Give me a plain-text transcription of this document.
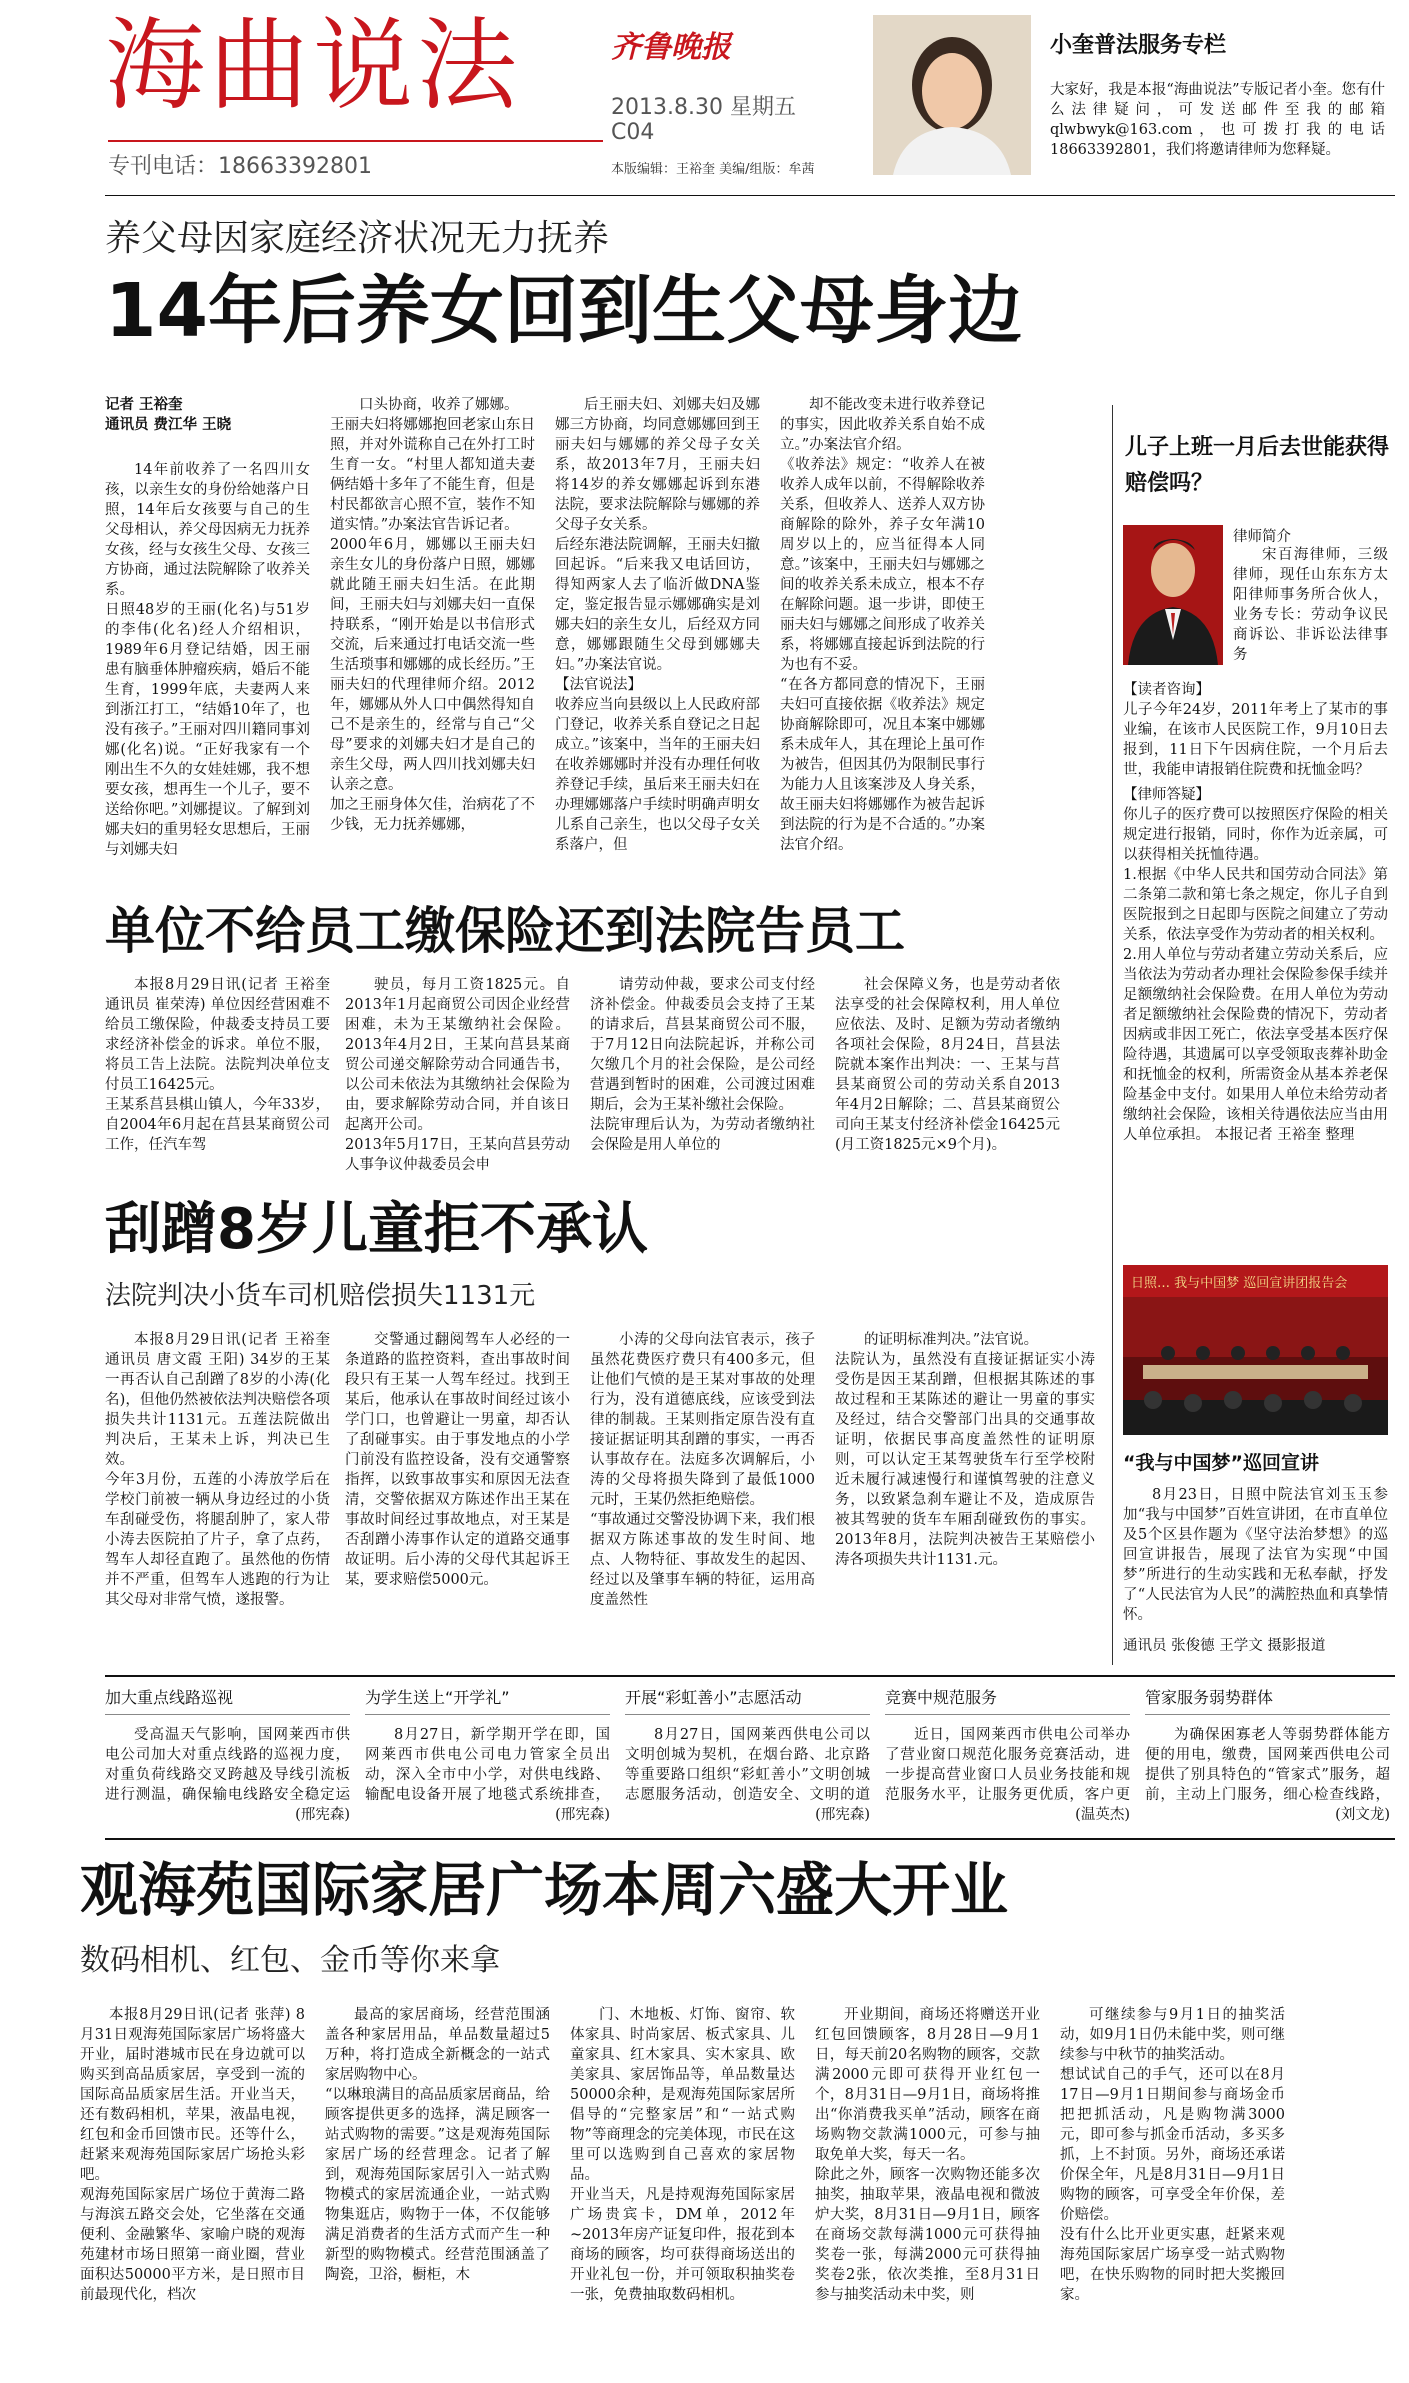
海曲说法
专刊电话：18663392801
齐鲁晚报
2013.8.30 星期五
C04
本版编辑：王裕奎 美编/组版：牟茜
小奎普法服务专栏
大家好，我是本报“海曲说法”专版记者小奎。您有什么法律疑问，可发送邮件至我的邮箱qlwbwyk@163.com，也可拨打我的电话18663392801，我们将邀请律师为您释疑。
养父母因家庭经济状况无力抚养
14年后养女回到生父母身边
记者 王裕奎
通讯员 费江华 王晓
14年前收养了一名四川女孩，以亲生女的身份给她落户日照，14年后女孩要与自己的生父母相认，养父母因病无力抚养女孩，经与女孩生父母、女孩三方协商，通过法院解除了收养关系。
日照48岁的王丽(化名)与51岁的李伟(化名)经人介绍相识，1989年6月登记结婚，因王丽患有脑垂体肿瘤疾病，婚后不能生育，1999年底，夫妻两人来到浙江打工，“结婚10年了，也没有孩子。”王丽对四川籍同事刘娜(化名)说。“正好我家有一个刚出生不久的女娃娃娜，我不想要女孩，想再生一个儿子，要不送给你吧。”刘娜提议。了解到刘娜夫妇的重男轻女思想后，王丽与刘娜夫妇
口头协商，收养了娜娜。
王丽夫妇将娜娜抱回老家山东日照，并对外谎称自己在外打工时生育一女。“村里人都知道夫妻俩结婚十多年了不能生育，但是村民都欲言心照不宣，装作不知道实情。”办案法官告诉记者。
2000年6月，娜娜以王丽夫妇亲生女儿的身份落户日照，娜娜就此随王丽夫妇生活。在此期间，王丽夫妇与刘娜夫妇一直保持联系，“刚开始是以书信形式交流，后来通过打电话交流一些生活琐事和娜娜的成长经历。”王丽夫妇的代理律师介绍。2012年，娜娜从外人口中偶然得知自己不是亲生的，经常与自己“父母”要求的刘娜夫妇才是自己的亲生父母，两人四川找刘娜夫妇认亲之意。
加之王丽身体欠佳，治病花了不少钱，无力抚养娜娜，
后王丽夫妇、刘娜夫妇及娜娜三方协商，均同意娜娜回到王丽夫妇与娜娜的养父母子女关系，故2013年7月，王丽夫妇将14岁的养女娜娜起诉到东港法院，要求法院解除与娜娜的养父母子女关系。
后经东港法院调解，王丽夫妇撤回起诉。“后来我又电话回访，得知两家人去了临沂做DNA鉴定，鉴定报告显示娜娜确实是刘娜夫妇的亲生女儿，后经双方同意，娜娜跟随生父母到娜娜夫妇。”办案法官说。
【法官说法】
收养应当向县级以上人民政府部门登记，收养关系自登记之日起成立。”该案中，当年的王丽夫妇在收养娜娜时并没有办理任何收养登记手续，虽后来王丽夫妇在办理娜娜落户手续时明确声明女儿系自己亲生，也以父母子女关系落户，但
却不能改变未进行收养登记的事实，因此收养关系自始不成立。”办案法官介绍。
《收养法》规定：“收养人在被收养人成年以前，不得解除收养关系，但收养人、送养人双方协商解除的除外，养子女年满10周岁以上的，应当征得本人同意。”该案中，王丽夫妇与娜娜之间的收养关系未成立，根本不存在解除问题。退一步讲，即使王丽夫妇与娜娜之间形成了收养关系，将娜娜直接起诉到法院的行为也有不妥。
“在各方都同意的情况下，王丽夫妇可直接依据《收养法》规定协商解除即可，况且本案中娜娜系未成年人，其在理论上虽可作为被告，但因其仍为限制民事行为能力人且该案涉及人身关系，故王丽夫妇将娜娜作为被告起诉到法院的行为是不合适的。”办案法官介绍。
儿子上班一月后去世能获得赔偿吗？
律师简介
宋百海律师，三级律师，现任山东东方太阳律师事务所合伙人，业务专长：劳动争议民商诉讼、非诉讼法律事务
【读者咨询】
儿子今年24岁，2011年考上了某市的事业编，在该市人民医院工作，9月10日去报到，11日下午因病住院，一个月后去世，我能申请报销住院费和抚恤金吗？
【律师答疑】
你儿子的医疗费可以按照医疗保险的相关规定进行报销，同时，你作为近亲属，可以获得相关抚恤待遇。
1.根据《中华人民共和国劳动合同法》第二条第二款和第七条之规定，你儿子自到医院报到之日起即与医院之间建立了劳动关系，依法享受作为劳动者的相关权利。
2.用人单位与劳动者建立劳动关系后，应当依法为劳动者办理社会保险参保手续并足额缴纳社会保险费。在用人单位为劳动者足额缴纳社会保险费的情况下，劳动者因病或非因工死亡，依法享受基本医疗保险待遇，其遗属可以享受领取丧葬补助金和抚恤金的权利，所需资金从基本养老保险基金中支付。如果用人单位未给劳动者缴纳社会保险，该相关待遇依法应当由用人单位承担。 本报记者 王裕奎 整理
日照… 我与中国梦 巡回宣讲团报告会
“我与中国梦”巡回宣讲
8月23日，日照中院法官刘玉玉参加“我与中国梦”百姓宣讲团，在市直单位及5个区县作题为《坚守法治梦想》的巡回宣讲报告，展现了法官为实现“中国梦”所进行的生动实践和无私奉献，抒发了“人民法官为人民”的满腔热血和真挚情怀。
通讯员 张俊德 王学文 摄影报道
单位不给员工缴保险还到法院告员工
本报8月29日讯(记者 王裕奎 通讯员 崔荣涛) 单位因经营困难不给员工缴保险，仲裁委支持员工要求经济补偿金的诉求。单位不服，将员工告上法院。法院判决单位支付员工16425元。
王某系莒县棋山镇人，今年33岁，自2004年6月起在莒县某商贸公司工作，任汽车驾
驶员，每月工资1825元。自2013年1月起商贸公司因企业经营困难，未为王某缴纳社会保险。2013年4月2日，王某向莒县某商贸公司递交解除劳动合同通告书，以公司未依法为其缴纳社会保险为由，要求解除劳动合同，并自该日起离开公司。
2013年5月17日，王某向莒县劳动人事争议仲裁委员会申
请劳动仲裁，要求公司支付经济补偿金。仲裁委员会支持了王某的请求后，莒县某商贸公司不服，于7月12日向法院起诉，并称公司欠缴几个月的社会保险，是公司经营遇到暂时的困难，公司渡过困难期后，会为王某补缴社会保险。
法院审理后认为，为劳动者缴纳社会保险是用人单位的
社会保障义务，也是劳动者依法享受的社会保障权利，用人单位应依法、及时、足额为劳动者缴纳各项社会保险，8月24日，莒县法院就本案作出判决：一、王某与莒县某商贸公司的劳动关系自2013年4月2日解除；二、莒县某商贸公司向王某支付经济补偿金16425元(月工资1825元×9个月)。
刮蹭8岁儿童拒不承认
法院判决小货车司机赔偿损失1131元
本报8月29日讯(记者 王裕奎 通讯员 唐文霞 王阳) 34岁的王某一再否认自己刮蹭了8岁的小涛(化名)，但他仍然被依法判决赔偿各项损失共计1131元。五莲法院做出判决后，王某未上诉，判决已生效。
今年3月份，五莲的小涛放学后在学校门前被一辆从身边经过的小货车刮碰受伤，将腿刮肿了，家人带小涛去医院拍了片子，拿了点药，驾车人却径直跑了。虽然他的伤情并不严重，但驾车人逃跑的行为让其父母对非常气愤，遂报警。
交警通过翻阅驾车人必经的一条道路的监控资料，查出事故时间段只有王某一人驾车经过。找到王某后，他承认在事故时间经过该小学门口，也曾避让一男童，却否认了刮碰事实。由于事发地点的小学门前没有监控设备，没有交通警察指挥，以致事故事实和原因无法查清，交警依据双方陈述作出王某在事故时间经过事故地点，对王某是否刮蹭小涛事作认定的道路交通事故证明。后小涛的父母代其起诉王某，要求赔偿5000元。
小涛的父母向法官表示，孩子虽然花费医疗费只有400多元，但让他们气愤的是王某对事故的处理行为，没有道德底线，应该受到法律的制裁。王某则指定原告没有直接证据证明其刮蹭的事实，一再否认事故存在。法庭多次调解后，小涛的父母将损失降到了最低1000元时，王某仍然拒绝赔偿。
“事故通过交警没协调下来，我们根据双方陈述事故的发生时间、地点、人物特征、事故发生的起因、经过以及肇事车辆的特征，运用高度盖然性
的证明标准判决。”法官说。
法院认为，虽然没有直接证据证实小涛受伤是因王某刮蹭，但根据其陈述的事故过程和王某陈述的避让一男童的事实及经过，结合交警部门出具的交通事故证明，依据民事高度盖然性的证明原则，可以认定王某驾驶货车行至学校附近未履行减速慢行和谨慎驾驶的注意义务，以致紧急刹车避让不及，造成原告被其驾驶的货车车厢刮碰致伤的事实。2013年8月，法院判决被告王某赔偿小涛各项损失共计1131.元。
加大重点线路巡视
受高温天气影响，国网莱西市供电公司加大对重点线路的巡视力度，对重负荷线路交叉跨越及导线引流板进行测温，确保输电线路安全稳定运
(邢宪森)
为学生送上“开学礼”
8月27日，新学期开学在即，国网莱西市供电公司电力管家全员出动，深入全市中小学，对供电线路、输配电设备开展了地毯式系统排查，
(邢宪森)
开展“彩虹善小”志愿活动
8月27日，国网莱西供电公司以文明创城为契机，在烟台路、北京路等重要路口组织“彩虹善小”文明创城志愿服务活动，创造安全、文明的道
(邢宪森)
竞赛中规范服务
近日，国网莱西市供电公司举办了营业窗口规范化服务竞赛活动，进一步提高营业窗口人员业务技能和规范服务水平，让服务更优质，客户更
(温英杰)
管家服务弱势群体
为确保困寡老人等弱势群体能方便的用电，缴费，国网莱西供电公司提供了别具特色的“管家式”服务，超前，主动上门服务，细心检查线路，
(刘文龙)
观海苑国际家居广场本周六盛大开业
数码相机、红包、金币等你来拿
本报8月29日讯(记者 张萍) 8月31日观海苑国际家居广场将盛大开业，届时港城市民在身边就可以购买到高品质家居，享受到一流的国际高品质家居生活。开业当天，还有数码相机，苹果，液晶电视，红包和金币回馈市民。还等什么，赶紧来观海苑国际家居广场抢头彩吧。
观海苑国际家居广场位于黄海二路与海滨五路交会处，它坐落在交通便利、金融繁华、家喻户晓的观海苑建材市场日照第一商业圈，营业面积达50000平方米，是日照市目前最现代化，档次
最高的家居商场，经营范围涵盖各种家居用品，单品数量超过5万种，将打造成全新概念的一站式家居购物中心。
“以琳琅满目的高品质家居商品，给顾客提供更多的选择，满足顾客一站式购物的需要。”这是观海苑国际家居广场的经营理念。记者了解到，观海苑国际家居引入一站式购物模式的家居流通企业，一站式购物集逛店，购物于一体，不仅能够满足消费者的生活方式而产生一种新型的购物模式。经营范围涵盖了陶瓷，卫浴，橱柜，木
门、木地板、灯饰、窗帘、软体家具、时尚家居、板式家具、儿童家具、红木家具、实木家具、欧美家具、家居饰品等，单品数量达50000余种，是观海苑国际家居所倡导的“完整家居”和“一站式购物”等商理念的完美体现，市民在这里可以选购到自己喜欢的家居物品。
开业当天，凡是持观海苑国际家居广场贵宾卡，DM单，2012年~2013年房产证复印件，报花到本商场的顾客，均可获得商场送出的开业礼包一份，并可领取积抽奖卷一张，免费抽取数码相机。
开业期间，商场还将赠送开业红包回馈顾客，8月28日—9月1日，每天前20名购物的顾客，交款满2000元即可获得开业红包一个，8月31日—9月1日，商场将推出“你消费我买单”活动，顾客在商场购物交款满1000元，可参与抽取免单大奖，每天一名。
除此之外，顾客一次购物还能多次抽奖，抽取苹果，液晶电视和微波炉大奖，8月31日—9月1日，顾客在商场交款每满1000元可获得抽奖卷一张，每满2000元可获得抽奖卷2张，依次类推，至8月31日参与抽奖活动未中奖，则
可继续参与9月1日的抽奖活动，如9月1日仍未能中奖，则可继续参与中秋节的抽奖活动。
想试试自己的手气，还可以在8月17日—9月1日期间参与商场金币把把抓活动，凡是购物满3000元，即可参与抓金币活动，多买多抓，上不封顶。另外，商场还承诺价保全年，凡是8月31日—9月1日购物的顾客，可享受全年价保，差价赔偿。
没有什么比开业更实惠，赶紧来观海苑国际家居广场享受一站式购物吧，在快乐购物的同时把大奖搬回家。
